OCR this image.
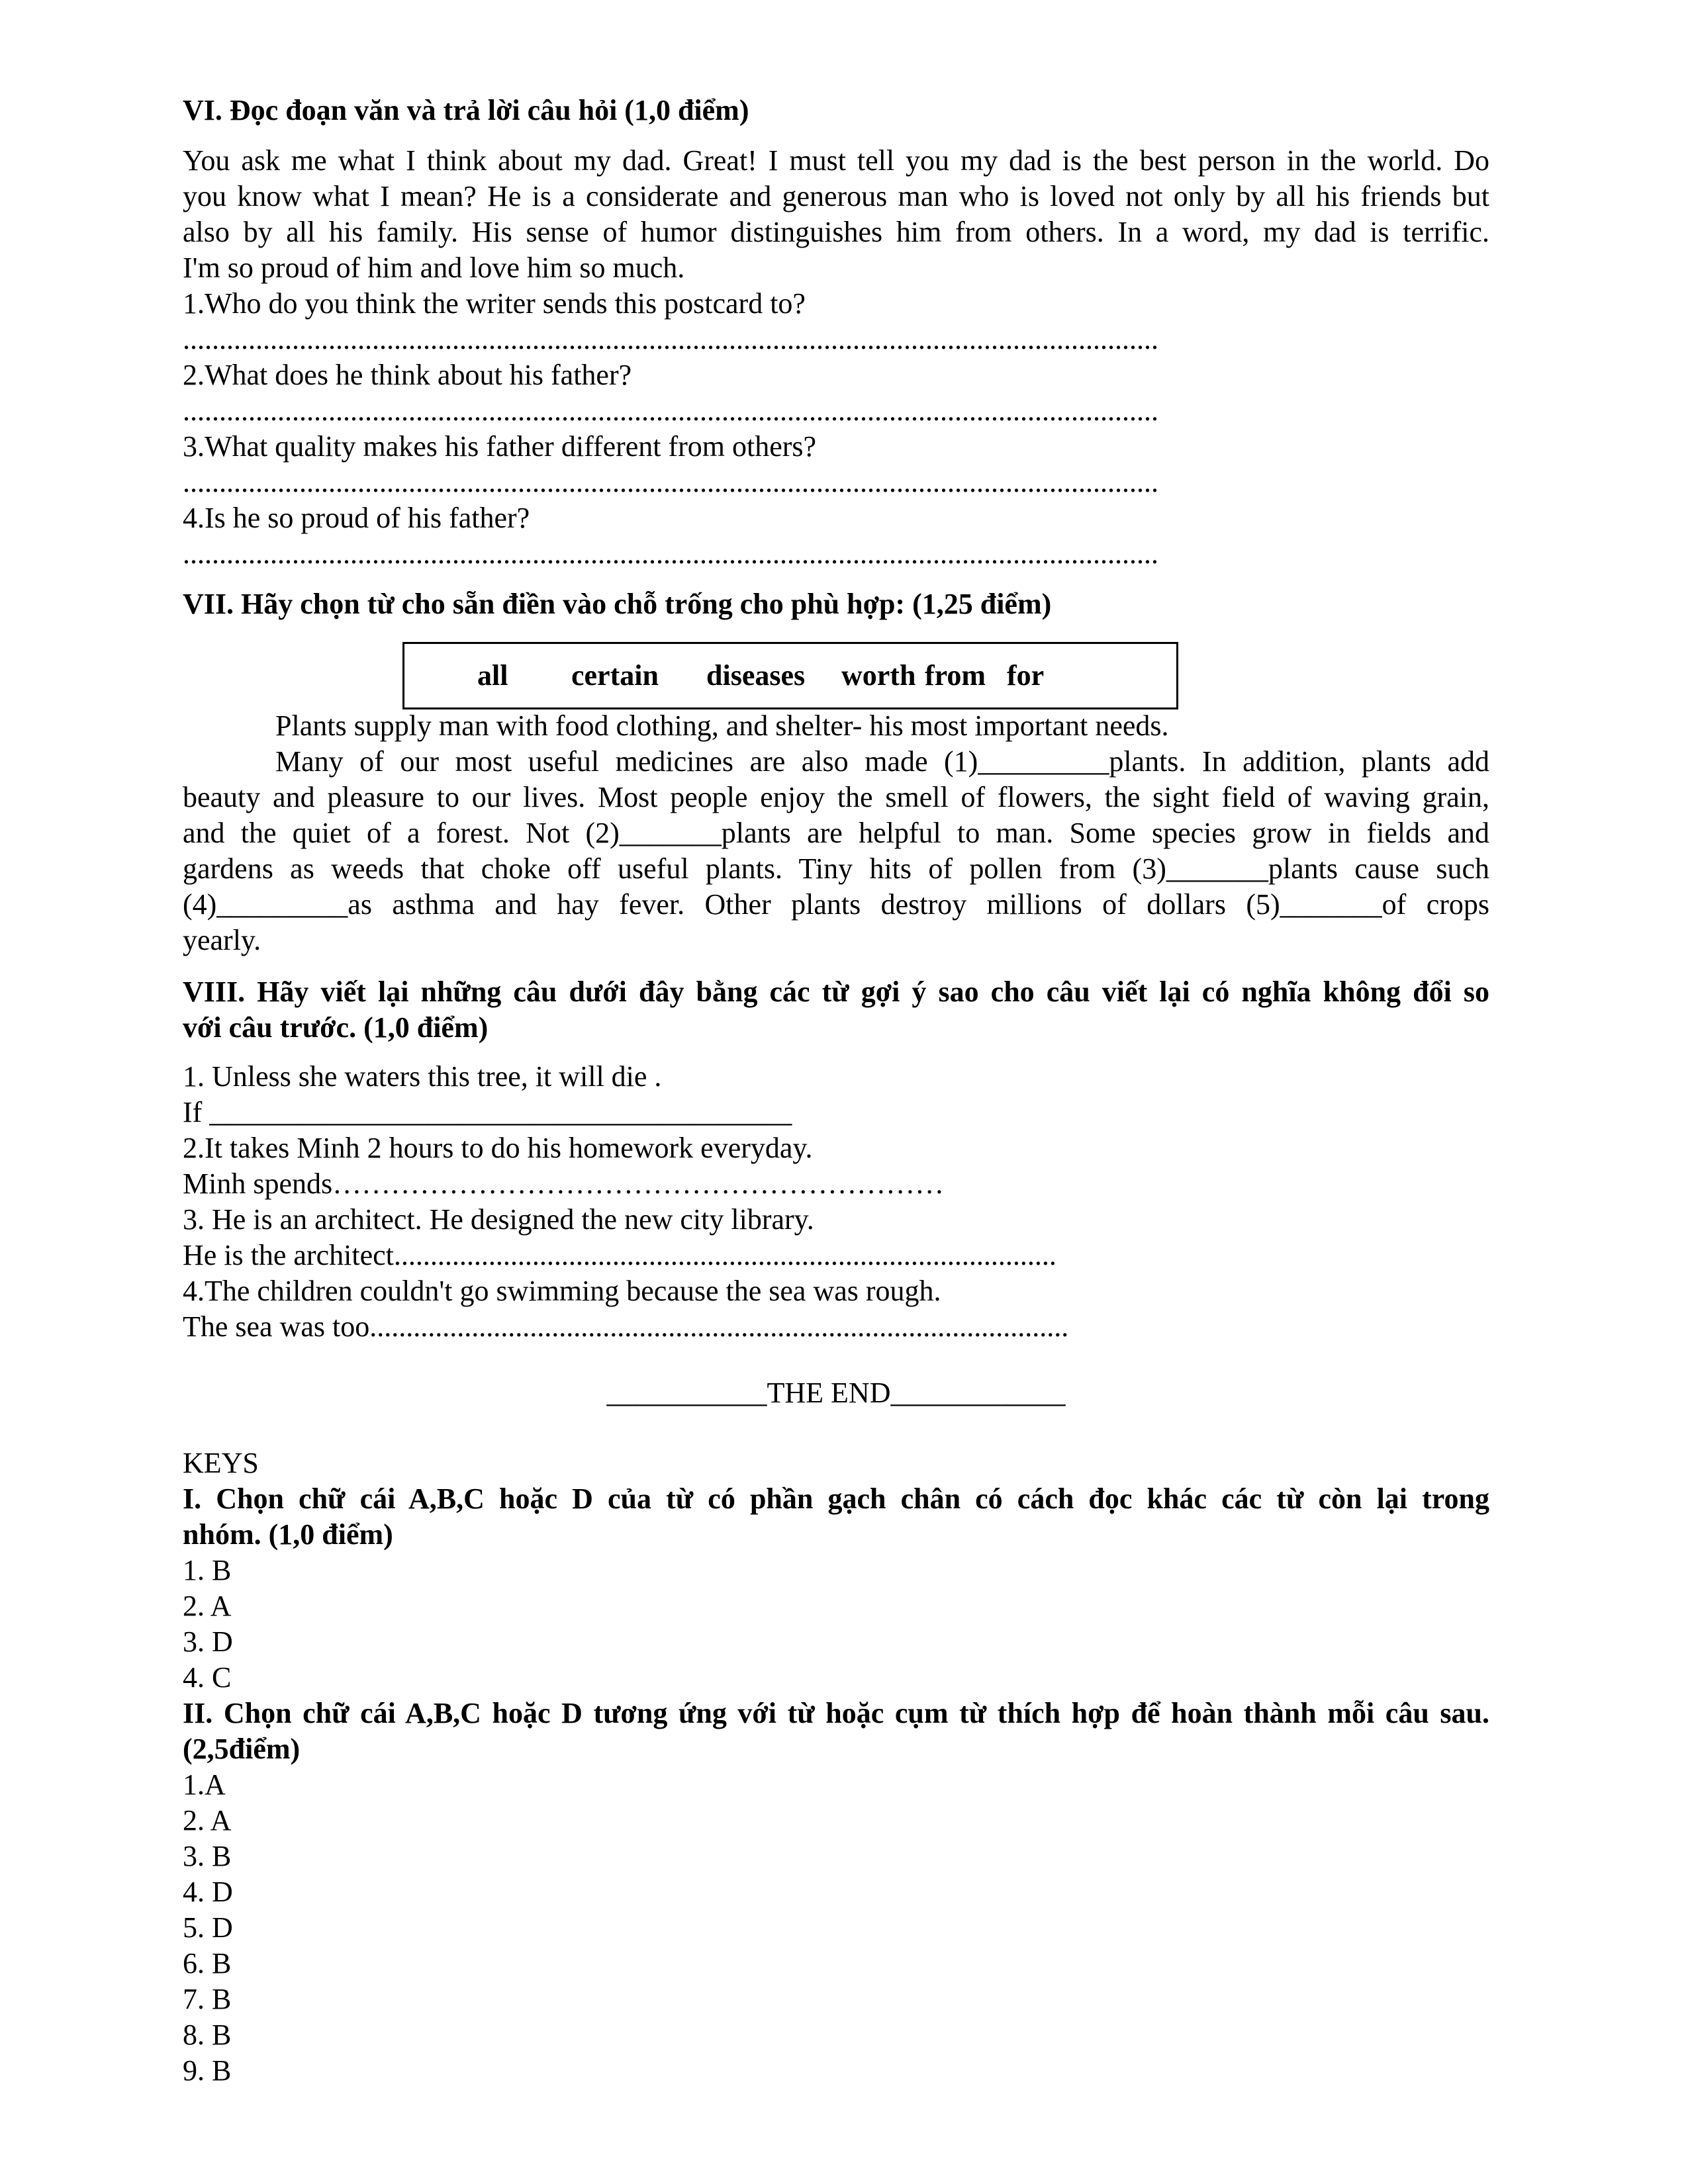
VI. Đọc đoạn văn và trả lời câu hỏi (1,0 điểm)
You ask me what I think about my dad. Great! I must tell you my dad is the best person in the world. Do
you know what I mean? He is a considerate and generous man who is loved not only by all his friends but
also by all his family. His sense of humor distinguishes him from others. In a word, my dad is terrific.
I'm so proud of him and love him so much.
1.Who do you think the writer sends this postcard to?
......................................................................................................................................
2.What does he think about his father?
......................................................................................................................................
3.What quality makes his father different from others?
......................................................................................................................................
4.Is he so proud of his father?
......................................................................................................................................
VII. Hãy chọn từ cho sẵn điền vào chỗ trống cho phù hợp: (1,25 điểm)
all certain diseases worth from for
Plants supply man with food clothing, and shelter- his most important needs.
Many of our most useful medicines are also made (1)_________plants. In addition, plants add
beauty and pleasure to our lives. Most people enjoy the smell of flowers, the sight field of waving grain,
and the quiet of a forest. Not (2)_______plants are helpful to man. Some species grow in fields and
gardens as weeds that choke off useful plants. Tiny hits of pollen from (3)_______plants cause such
(4)_________as asthma and hay fever. Other plants destroy millions of dollars (5)_______of crops
yearly.
VIII. Hãy viết lại những câu dưới đây bằng các từ gợi ý sao cho câu viết lại có nghĩa không đổi so
với câu trước. (1,0 điểm)
1. Unless she waters this tree, it will die .
If ________________________________________
2.It takes Minh 2 hours to do his homework everyday.
Minh spends………………………………………………………
3. He is an architect. He designed the new city library.
He is the architect...........................................................................................
4.The children couldn't go swimming because the sea was rough.
The sea was too................................................................................................
___________THE END____________
KEYS
I. Chọn chữ cái A,B,C hoặc D của từ có phần gạch chân có cách đọc khác các từ còn lại trong
nhóm. (1,0 điểm)
1. B
2. A
3. D
4. C
II. Chọn chữ cái A,B,C hoặc D tương ứng với từ hoặc cụm từ thích hợp để hoàn thành mỗi câu sau.
(2,5điểm)
1.A
2. A
3. B
4. D
5. D
6. B
7. B
8. B
9. B
